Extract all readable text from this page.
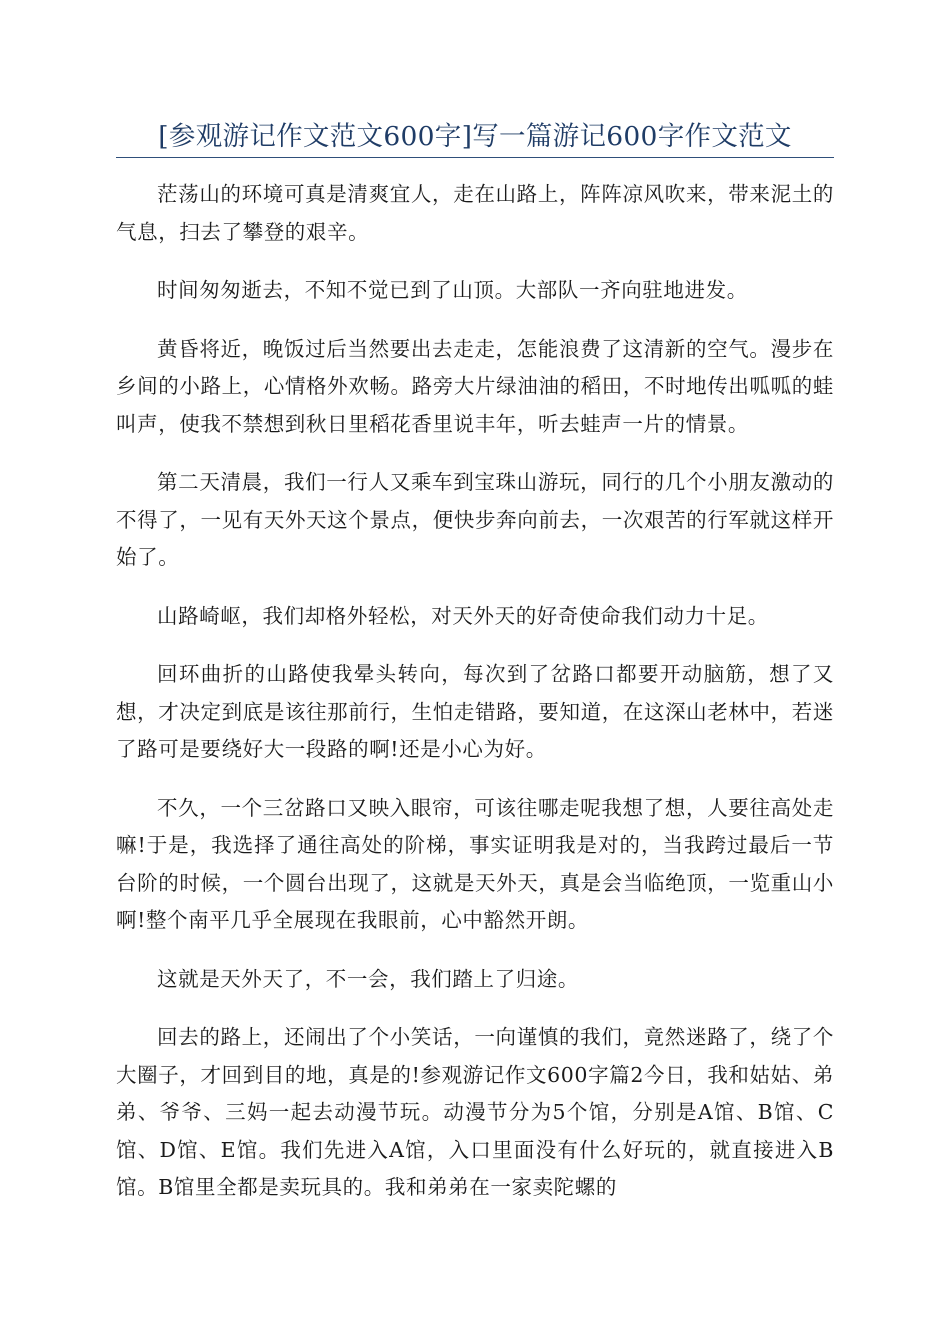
[参观游记作文范文600字]写一篇游记600字作文范文

茫荡山的环境可真是清爽宜人，走在山路上，阵阵凉风吹来，带来泥土的气息，扫去了攀登的艰辛。

时间匆匆逝去，不知不觉已到了山顶。大部队一齐向驻地进发。

黄昏将近，晚饭过后当然要出去走走，怎能浪费了这清新的空气。漫步在乡间的小路上，心情格外欢畅。路旁大片绿油油的稻田，不时地传出呱呱的蛙叫声，使我不禁想到秋日里稻花香里说丰年，听去蛙声一片的情景。

第二天清晨，我们一行人又乘车到宝珠山游玩，同行的几个小朋友激动的不得了，一见有天外天这个景点，便快步奔向前去，一次艰苦的行军就这样开始了。

山路崎岖，我们却格外轻松，对天外天的好奇使命我们动力十足。

回环曲折的山路使我晕头转向，每次到了岔路口都要开动脑筋，想了又想，才决定到底是该往那前行，生怕走错路，要知道，在这深山老林中，若迷了路可是要绕好大一段路的啊!还是小心为好。

不久，一个三岔路口又映入眼帘，可该往哪走呢我想了想，人要往高处走嘛!于是，我选择了通往高处的阶梯，事实证明我是对的，当我跨过最后一节台阶的时候，一个圆台出现了，这就是天外天，真是会当临绝顶，一览重山小啊!整个南平几乎全展现在我眼前，心中豁然开朗。

这就是天外天了，不一会，我们踏上了归途。

回去的路上，还闹出了个小笑话，一向谨慎的我们，竟然迷路了，绕了个大圈子，才回到目的地，真是的!参观游记作文600字篇2今日，我和姑姑、弟弟、爷爷、三妈一起去动漫节玩。动漫节分为5个馆，分别是A馆、B馆、C馆、D馆、E馆。我们先进入A馆，入口里面没有什么好玩的，就直接进入B馆。B馆里全都是卖玩具的。我和弟弟在一家卖陀螺的
